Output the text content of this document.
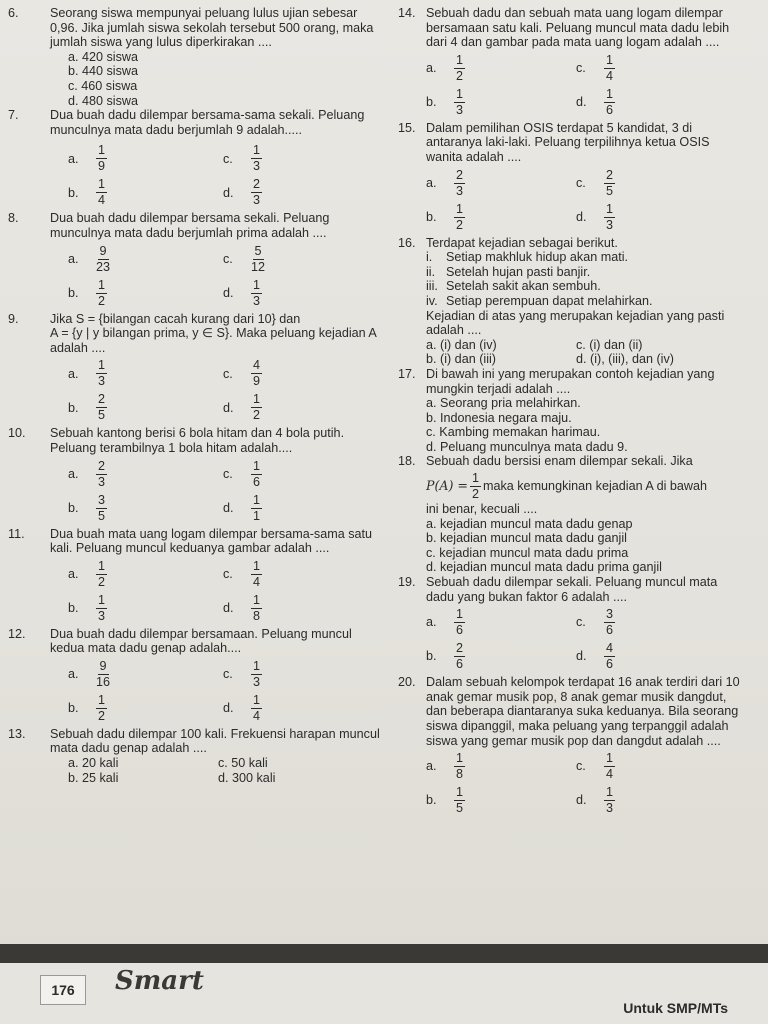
6.	Seorang siswa mempunyai peluang lulus ujian sebesar 0,96. Jika jumlah siswa sekolah tersebut 500 orang, maka jumlah siswa yang lulus diperkirakan ....
a. 420 siswa
b. 440 siswa
c. 460 siswa
d. 480 siswa
7.	Dua buah dadu dilempar bersama-sama sekali. Peluang munculnya mata dadu berjumlah 9 adalah.....
a.	$\frac{1}{9}$	c.	$\frac{1}{3}$
b.	$\frac{1}{4}$	d.	$\frac{2}{3}$
8.	Dua buah dadu dilempar bersama sekali. Peluang munculnya mata dadu berjumlah prima adalah ....
a.	$\frac{9}{23}$	c.	$\frac{5}{12}$
b.	$\frac{1}{2}$	d.	$\frac{1}{3}$
9.	Jika S = {bilangan cacah kurang dari 10} dan
A = {y | y bilangan prima, y ∈ S}. Maka peluang kejadian A adalah ....
a.	$\frac{1}{3}$	c.	$\frac{4}{9}$
b.	$\frac{2}{5}$	d.	$\frac{1}{2}$
10.	Sebuah kantong berisi 6 bola hitam dan 4 bola putih. Peluang terambilnya 1 bola hitam adalah....
a.	$\frac{2}{3}$	c.	$\frac{1}{6}$
b.	$\frac{3}{5}$	d.	$\frac{1}{1}$
11.	Dua buah mata uang logam dilempar bersama-sama satu kali. Peluang muncul keduanya gambar adalah ....
a.	$\frac{1}{2}$	c.	$\frac{1}{4}$
b.	$\frac{1}{3}$	d.	$\frac{1}{8}$
12.	Dua buah dadu dilempar bersamaan. Peluang muncul kedua mata dadu genap adalah....
a.	$\frac{9}{16}$	c.	$\frac{1}{3}$
b.	$\frac{1}{2}$	d.	$\frac{1}{4}$
13.	Sebuah dadu dilempar 100 kali. Frekuensi harapan muncul mata dadu genap adalah ....
a. 20 kali	c. 50 kali
b. 25 kali	d. 300 kali
14. Sebuah dadu dan sebuah mata uang logam dilempar bersamaan satu kali. Peluang muncul mata dadu lebih dari 4 dan gambar pada mata uang logam adalah ....
a.	$\frac{1}{2}$	c.	$\frac{1}{4}$
b.	$\frac{1}{3}$	d.	$\frac{1}{6}$
15. Dalam pemilihan OSIS terdapat 5 kandidat, 3 di antaranya laki-laki. Peluang terpilihnya ketua OSIS wanita adalah ....
a.	$\frac{2}{3}$	c.	$\frac{2}{5}$
b.	$\frac{1}{2}$	d.	$\frac{1}{3}$
16. Terdapat kejadian sebagai berikut.
i.	Setiap makhluk hidup akan mati.
ii. Setelah hujan pasti banjir.
iii. Setelah sakit akan sembuh.
iv. Setiap perempuan dapat melahirkan.
Kejadian di atas yang merupakan kejadian yang pasti adalah ....
a. (i) dan (iv)	c. (i) dan (ii)
b. (i) dan (iii)	d. (i), (iii), dan (iv)
17. Di bawah ini yang merupakan contoh kejadian yang mungkin terjadi adalah ....
a. Seorang pria melahirkan.
b. Indonesia negara maju.
c. Kambing memakan harimau.
d. Peluang munculnya mata dadu 9.
18. Sebuah dadu bersisi enam dilempar sekali. Jika
$P(A) = \frac{1}{2}$ maka kemungkinan kejadian A di bawah
ini benar, kecuali ....
a. kejadian muncul mata dadu genap
b. kejadian muncul mata dadu ganjil
c. kejadian muncul mata dadu prima
d. kejadian muncul mata dadu prima ganjil
19. Sebuah dadu dilempar sekali. Peluang muncul mata dadu yang bukan faktor 6 adalah ....
a.	$\frac{1}{6}$	c.	$\frac{3}{6}$
b.	$\frac{2}{6}$	d.	$\frac{4}{6}$
20. Dalam sebuah kelompok terdapat 16 anak terdiri dari 10 anak gemar musik pop, 8 anak gemar musik dangdut, dan beberapa diantaranya suka keduanya. Bila seorang siswa dipanggil, maka peluang yang terpanggil adalah siswa yang gemar musik pop dan dangdut adalah ....
a.	$\frac{1}{8}$	c.	$\frac{1}{4}$
b.	$\frac{1}{5}$	d.	$\frac{1}{3}$
176	Smart
Untuk SMP/MTs
